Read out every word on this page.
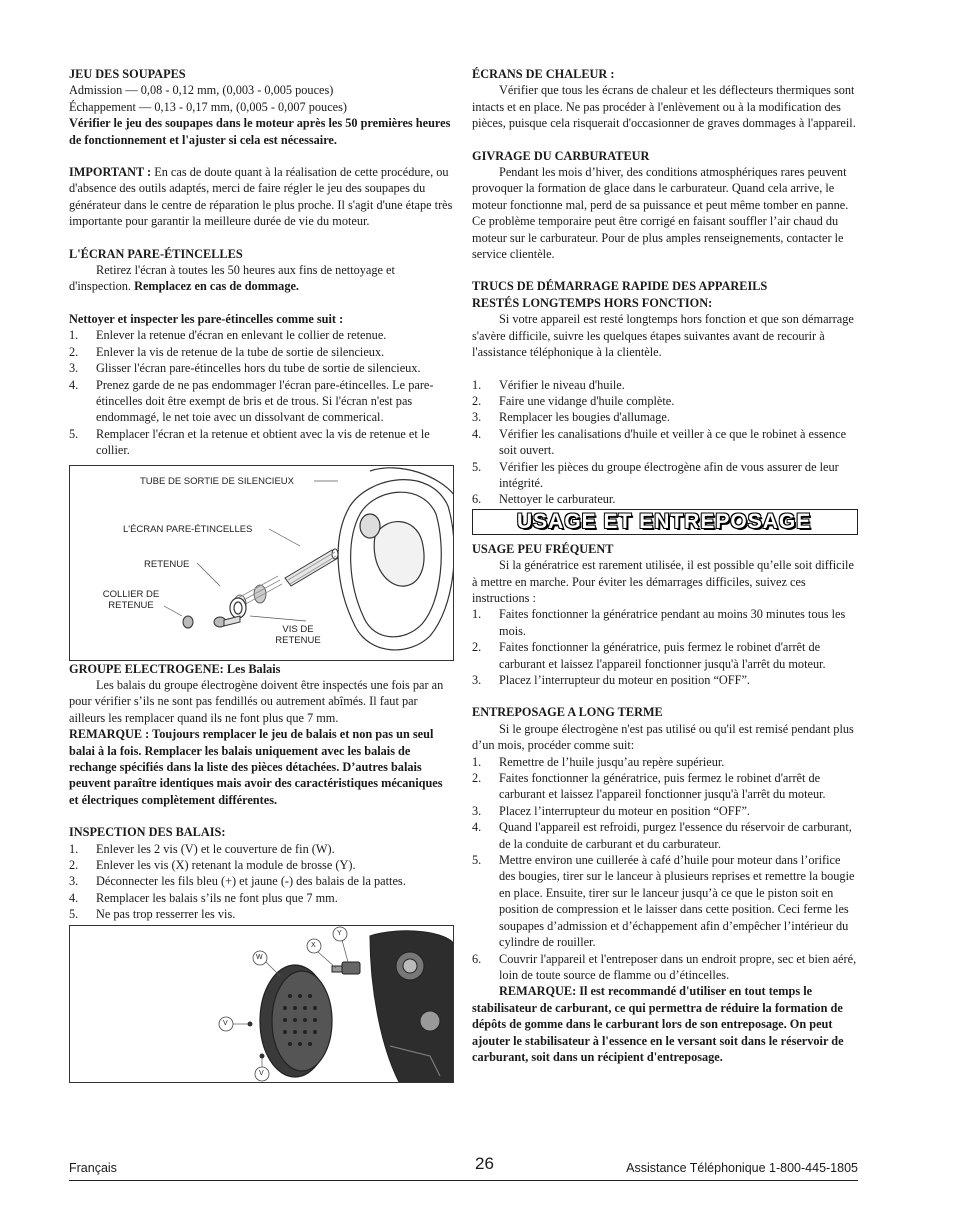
JEU DES SOUPAPES

Admission — 0,08 - 0,12 mm, (0,003 - 0,005 pouces)

Échappement — 0,13 - 0,17 mm, (0,005 - 0,007 pouces)

Vérifier le jeu des soupapes dans le moteur après les 50 premières heures de fonctionnement et l'ajuster si cela est nécessaire.

IMPORTANT : En cas de doute quant à la réalisation de cette procédure, ou d'absence des outils adaptés, merci de faire régler le jeu des soupapes du générateur dans le centre de réparation le plus proche. Il s'agit d'une étape très importante pour garantir la meilleure durée de vie du moteur.

L'ÉCRAN PARE-ÉTINCELLES

Retirez l'écran à toutes les 50 heures aux fins de nettoyage et d'inspection. Remplacez en cas de dommage.

Nettoyer et inspecter les pare-étincelles comme suit :

1. Enlever la retenue d'écran en enlevant le collier de retenue.
2. Enlever la vis de retenue de la tube de sortie de silencieux.
3. Glisser l'écran pare-étincelles hors du tube de sortie de silencieux.
4. Prenez garde de ne pas endommager l'écran pare-étincelles. Le pare-étincelles doit être exempt de bris et de trous. Si l'écran n'est pas endommagé, le net toie avec un dissolvant de commerical.
5. Remplacer l'écran et la retenue et obtient avec la vis de retenue et le collier.
TUBE DE SORTIE DE SILENCIEUX
L'ÉCRAN PARE-ÉTINCELLES
RETENUE
COLLIER DE
RETENUE
VIS DE
RETENUE

GROUPE ELECTROGENE: Les Balais

Les balais du groupe électrogène doivent être inspectés une fois par an pour vérifier s’ils ne sont pas fendillés ou autrement abîmés. Il faut par ailleurs les remplacer quand ils ne font plus que 7 mm.

REMARQUE : Toujours remplacer le jeu de balais et non pas un seul balai à la fois. Remplacer les balais uniquement avec les balais de rechange spécifiés dans la liste des pièces détachées. D’autres balais peuvent paraître identiques mais avoir des caractéristiques mécaniques et électriques complètement différentes.

INSPECTION DES BALAIS:

1. Enlever les 2 vis (V) et le couverture de fin (W).
2. Enlever les vis (X) retenant la module de brosse (Y).
3. Déconnecter les fils bleu (+) et jaune (-) des balais de la pattes.
4. Remplacer les balais s’ils ne font plus que 7 mm.
5. Ne pas trop resserrer les vis.
W
X
Y
V
V

ÉCRANS DE CHALEUR :

Vérifier que tous les écrans de chaleur et les déflecteurs thermiques sont intacts et en place. Ne pas procéder à l'enlèvement ou à la modification des pièces, puisque cela risquerait d'occasionner de graves dommages à l'appareil.

GIVRAGE DU CARBURATEUR

Pendant les mois d’hiver, des conditions atmosphériques rares peuvent provoquer la formation de glace dans le carburateur. Quand cela arrive, le moteur fonctionne mal, perd de sa puissance et peut même tomber en panne. Ce problème temporaire peut être corrigé en faisant souffler l’air chaud du moteur sur le carburateur. Pour de plus amples renseignements, contacter le service clientèle.

TRUCS DE DÉMARRAGE RAPIDE DES APPAREILS

RESTÉS LONGTEMPS HORS FONCTION:

Si votre appareil est resté longtemps hors fonction et que son démarrage s'avère difficile, suivre les quelques étapes suivantes avant de recourir à l'assistance téléphonique à la clientèle.

1. Vérifier le niveau d'huile.
2. Faire une vidange d'huile complète.
3. Remplacer les bougies d'allumage.
4. Vérifier les canalisations d'huile et veiller à ce que le robinet à essence soit ouvert.
5. Vérifier les pièces du groupe électrogène afin de vous assurer de leur intégrité.
6. Nettoyer le carburateur.
USAGE ET ENTREPOSAGE

USAGE PEU FRÉQUENT

Si la génératrice est rarement utilisée, il est possible qu’elle soit difficile à mettre en marche. Pour éviter les démarrages difficiles, suivez ces instructions :

1. Faites fonctionner la génératrice pendant au moins 30 minutes tous les mois.
2. Faites fonctionner la génératrice, puis fermez le robinet d'arrêt de carburant et laissez l'appareil fonctionner jusqu'à l'arrêt du moteur.
3. Placez l’interrupteur du moteur en position “OFF”.

ENTREPOSAGE A LONG TERME

Si le groupe électrogène n'est pas utilisé ou qu'il est remisé pendant plus d’un mois, procéder comme suit:

1. Remettre de l’huile jusqu’au repère supérieur.
2. Faites fonctionner la génératrice, puis fermez le robinet d'arrêt de carburant et laissez l'appareil fonctionner jusqu'à l'arrêt du moteur.
3. Placez l’interrupteur du moteur en position “OFF”.
4. Quand l'appareil est refroidi, purgez l'essence du réservoir de carburant, de la conduite de carburant et du carburateur.
5. Mettre environ une cuillerée à café d’huile pour moteur dans l’orifice des bougies, tirer sur le lanceur à plusieurs reprises et remettre la bougie en place. Ensuite, tirer sur le lanceur jusqu’à ce que le piston soit en position de compression et le laisser dans cette position. Ceci ferme les soupapes d’admission et d’échappement afin d’empêcher l’intérieur du cylindre de rouiller.
6. Couvrir l'appareil et l'entreposer dans un endroit propre, sec et bien aéré, loin de toute source de flamme ou d’étincelles.

REMARQUE: Il est recommandé d'utiliser en tout temps le stabilisateur de carburant, ce qui permettra de réduire la formation de dépôts de gomme dans le carburant lors de son entreposage. On peut ajouter le stabilisateur à l'essence en le versant soit dans le réservoir de carburant, soit dans un récipient d'entreposage.

Français	26	Assistance Téléphonique 1-800-445-1805
